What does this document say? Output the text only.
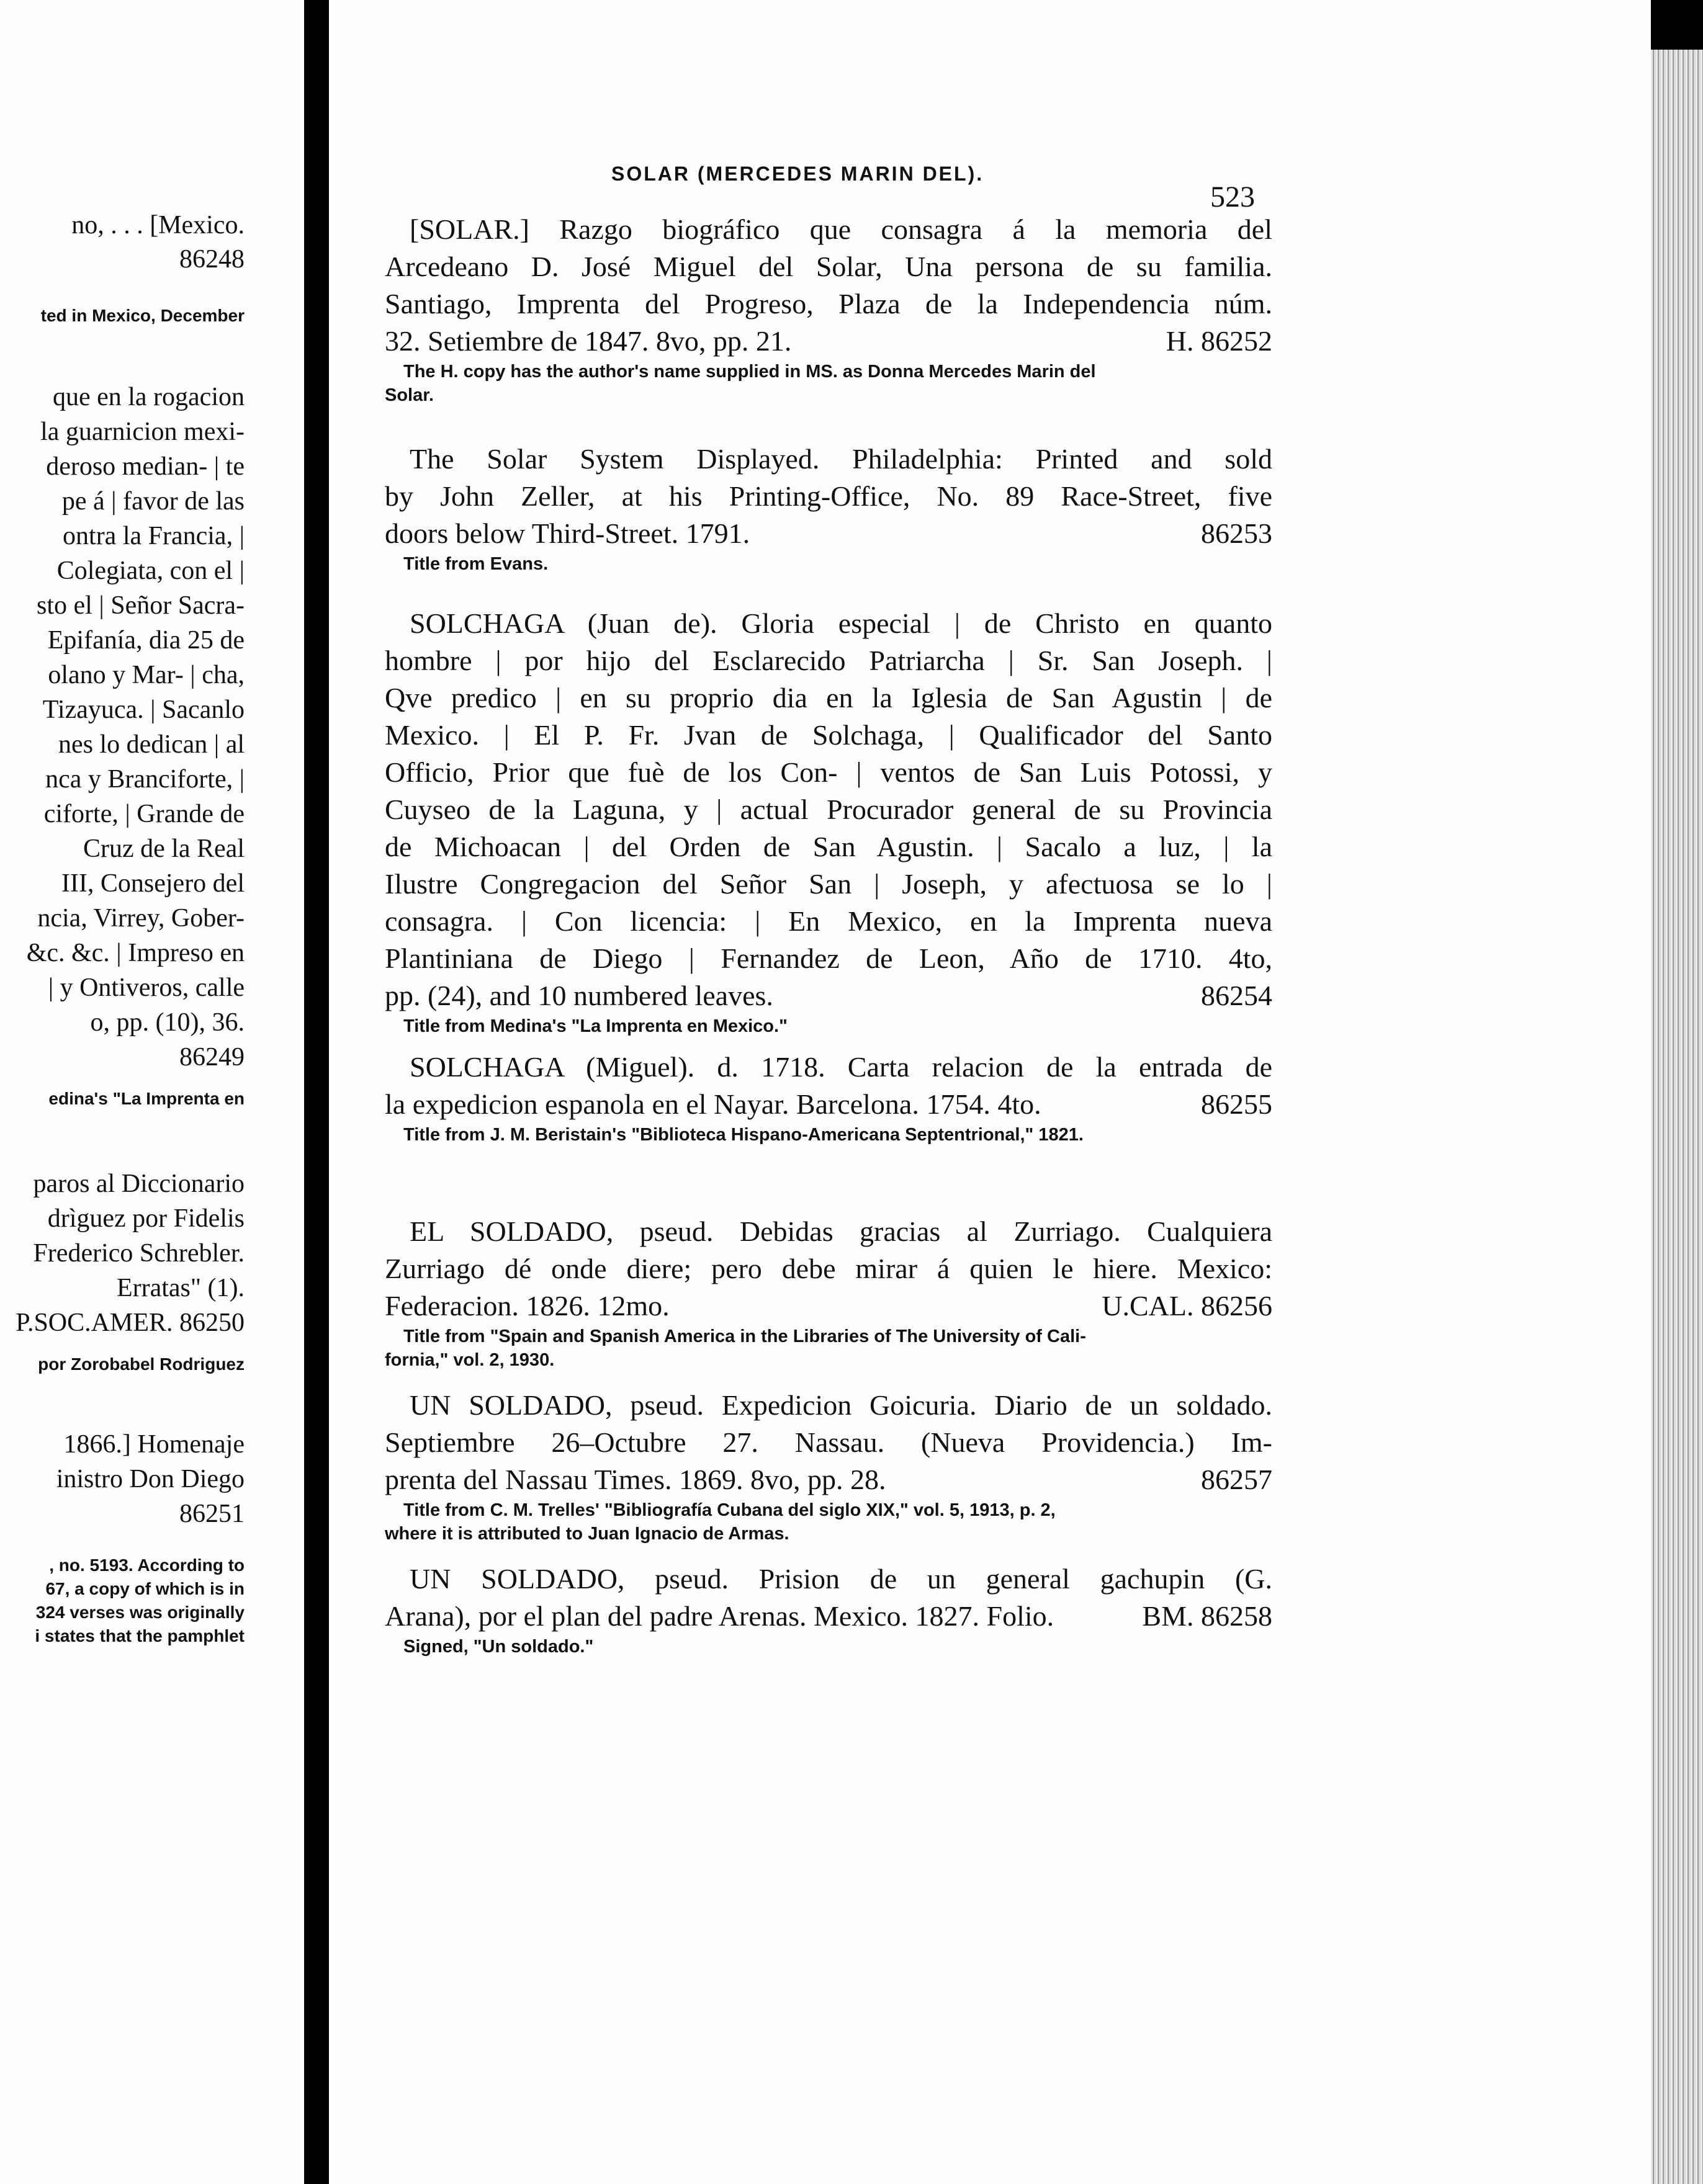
no, . . . [Mexico.
86248
ted in Mexico, December
que en la rogacion
la guarnicion mexi-
deroso median- | te
pe á | favor de las
ontra la Francia, |
Colegiata, con el |
sto el | Señor Sacra-
Epifanía, dia 25 de
olano y Mar- | cha,
Tizayuca. | Sacanlo
nes lo dedican | al
nca y Branciforte, |
ciforte, | Grande de
Cruz de la Real
III, Consejero del
ncia, Virrey, Gober-
&c. &c. | Impreso en
| y Ontiveros, calle
o, pp. (10), 36.
86249
edina's "La Imprenta en
paros al Diccionario
drìguez por Fidelis
Frederico Schrebler.
Erratas" (1).
P.SOC.AMER. 86250
por Zorobabel Rodriguez
1866.] Homenaje
inistro Don Diego
86251
, no. 5193. According to
67, a copy of which is in
324 verses was originally
i states that the pamphlet
SOLAR (MERCEDES MARIN DEL).
523
[SOLAR.] Razgo biográfico que consagra á la memoria del
Arcedeano D. José Miguel del Solar, Una persona de su familia.
Santiago, Imprenta del Progreso, Plaza de la Independencia núm.
32. Setiembre de 1847. 8vo, pp. 21.	H. 86252
The H. copy has the author's name supplied in MS. as Donna Mercedes Marin del
Solar.
The Solar System Displayed. Philadelphia: Printed and sold
by John Zeller, at his Printing-Office, No. 89 Race-Street, five
doors below Third-Street. 1791.	86253
Title from Evans.
SOLCHAGA (Juan de). Gloria especial | de Christo en quanto
hombre | por hijo del Esclarecido Patriarcha | Sr. San Joseph. |
Qve predico | en su proprio dia en la Iglesia de San Agustin | de
Mexico. | El P. Fr. Jvan de Solchaga, | Qualificador del Santo
Officio, Prior que fuè de los Con- | ventos de San Luis Potossi, y
Cuyseo de la Laguna, y | actual Procurador general de su Provincia
de Michoacan | del Orden de San Agustin. | Sacalo a luz, | la
Ilustre Congregacion del Señor San | Joseph, y afectuosa se lo |
consagra. | Con licencia: | En Mexico, en la Imprenta nueva
Plantiniana de Diego | Fernandez de Leon, Año de 1710. 4to,
pp. (24), and 10 numbered leaves.	86254
Title from Medina's "La Imprenta en Mexico."
SOLCHAGA (Miguel). d. 1718. Carta relacion de la entrada de
la expedicion espanola en el Nayar. Barcelona. 1754. 4to.	86255
Title from J. M. Beristain's "Biblioteca Hispano-Americana Septentrional," 1821.
EL SOLDADO, pseud. Debidas gracias al Zurriago. Cualquiera
Zurriago dé onde diere; pero debe mirar á quien le hiere. Mexico:
Federacion. 1826. 12mo.	U.CAL. 86256
Title from "Spain and Spanish America in the Libraries of The University of Cali-
fornia," vol. 2, 1930.
UN SOLDADO, pseud. Expedicion Goicuria. Diario de un soldado.
Septiembre 26–Octubre 27. Nassau. (Nueva Providencia.) Im-
prenta del Nassau Times. 1869. 8vo, pp. 28.	86257
Title from C. M. Trelles' "Bibliografía Cubana del siglo XIX," vol. 5, 1913, p. 2,
where it is attributed to Juan Ignacio de Armas.
UN SOLDADO, pseud. Prision de un general gachupin (G.
Arana), por el plan del padre Arenas. Mexico. 1827. Folio.	BM. 86258
Signed, "Un soldado."
